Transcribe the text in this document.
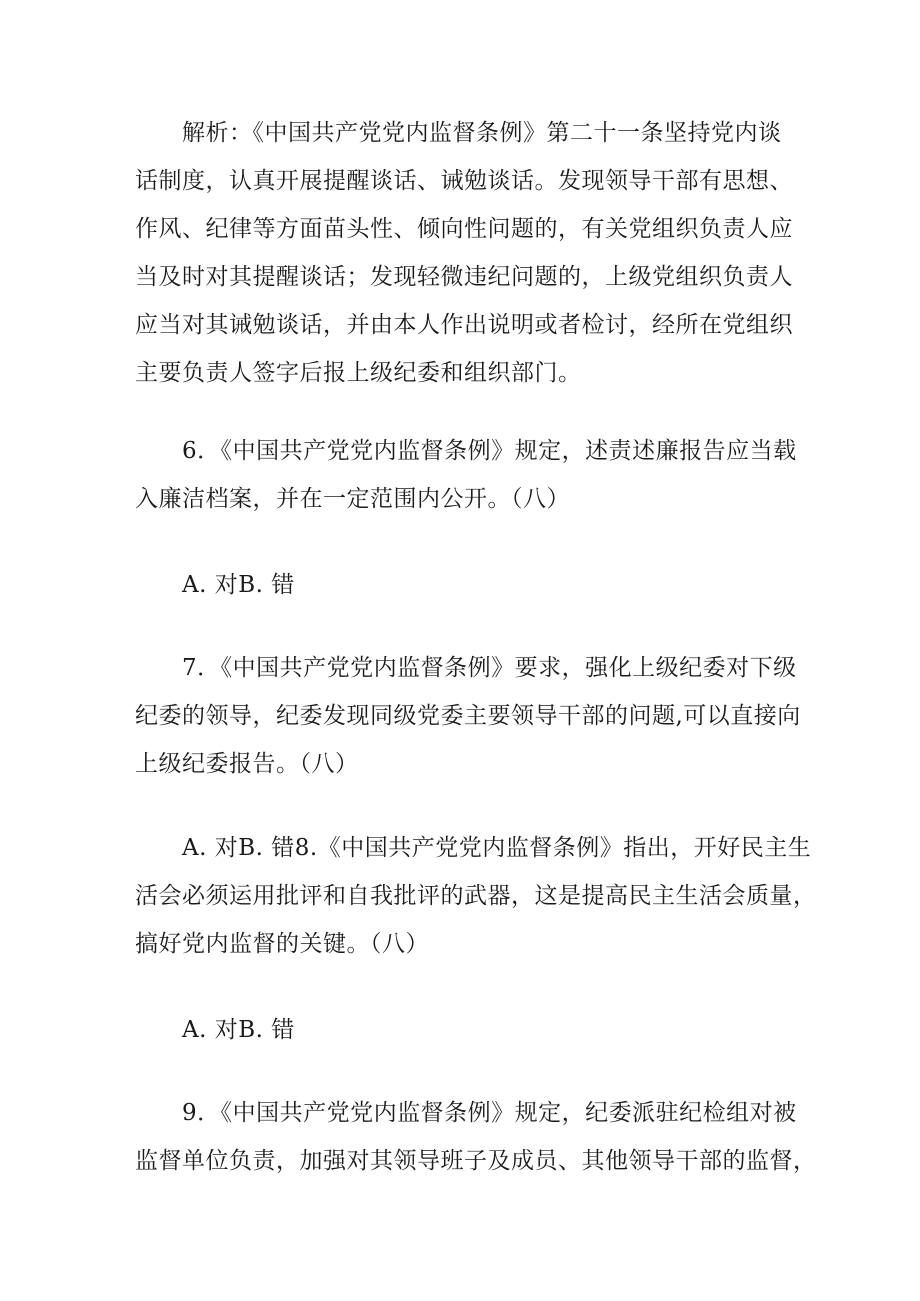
解析：《中国共产党党内监督条例》第二十一条坚持党内谈
话制度，认真开展提醒谈话、诫勉谈话。发现领导干部有思想、
作风、纪律等方面苗头性、倾向性问题的，有关党组织负责人应
当及时对其提醒谈话；发现轻微违纪问题的，上级党组织负责人
应当对其诫勉谈话，并由本人作出说明或者检讨，经所在党组织
主要负责人签字后报上级纪委和组织部门。
6．《中国共产党党内监督条例》规定，述责述廉报告应当载
入廉洁档案，并在一定范围内公开。（八）
A. 对B. 错
7．《中国共产党党内监督条例》要求，强化上级纪委对下级
纪委的领导，纪委发现同级党委主要领导干部的问题,可以直接向
上级纪委报告。（八）
A. 对B. 错8.《中国共产党党内监督条例》指出，开好民主生
活会必须运用批评和自我批评的武器，这是提高民主生活会质量，
搞好党内监督的关键。（八）
A. 对B. 错
9．《中国共产党党内监督条例》规定，纪委派驻纪检组对被
监督单位负责，加强对其领导班子及成员、其他领导干部的监督，
